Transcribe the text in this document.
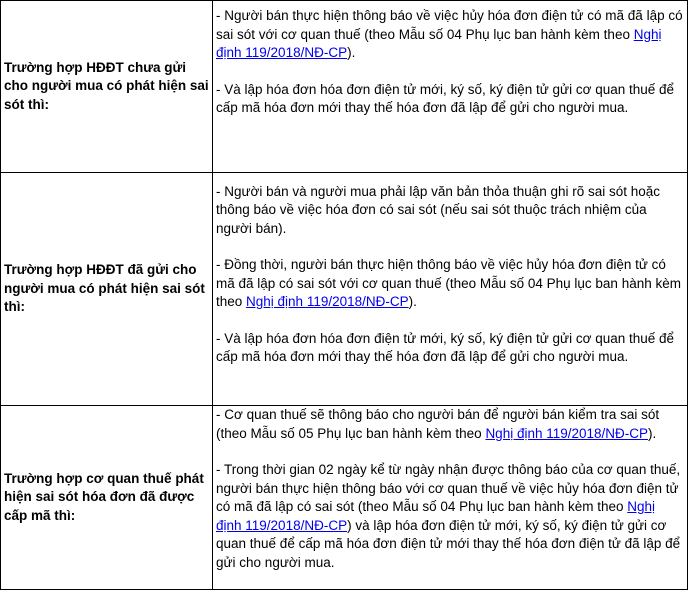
Trường hợp HĐĐT chưa gửi cho người mua có phát hiện sai sót thì:	- Người bán thực hiện thông báo về việc hủy hóa đơn điện tử có mã đã lập có sai sót với cơ quan thuế (theo Mẫu số 04 Phụ lục ban hành kèm theo Nghị định 119/2018/NĐ-CP).

- Và lập hóa đơn hóa đơn điện tử mới, ký số, ký điện tử gửi cơ quan thuế để cấp mã hóa đơn mới thay thế hóa đơn đã lập để gửi cho người mua.

Trường hợp HĐĐT đã gửi cho người mua có phát hiện sai sót thì:	- Người bán và người mua phải lập văn bản thỏa thuận ghi rõ sai sót hoặc thông báo về việc hóa đơn có sai sót (nếu sai sót thuộc trách nhiệm của người bán).

- Đồng thời, người bán thực hiện thông báo về việc hủy hóa đơn điện tử có mã đã lập có sai sót với cơ quan thuế (theo Mẫu số 04 Phụ lục ban hành kèm theo Nghị định 119/2018/NĐ-CP).

- Và lập hóa đơn hóa đơn điện tử mới, ký số, ký điện tử gửi cơ quan thuế để cấp mã hóa đơn mới thay thế hóa đơn đã lập để gửi cho người mua.

Trường hợp cơ quan thuế phát hiện sai sót hóa đơn đã được cấp mã thì:	- Cơ quan thuế sẽ thông báo cho người bán để người bán kiểm tra sai sót (theo Mẫu số 05 Phụ lục ban hành kèm theo Nghị định 119/2018/NĐ-CP).

- Trong thời gian 02 ngày kể từ ngày nhận được thông báo của cơ quan thuế, người bán thực hiện thông báo với cơ quan thuế về việc hủy hóa đơn điện tử có mã đã lập có sai sót (theo Mẫu số 04 Phụ lục ban hành kèm theo Nghị định 119/2018/NĐ-CP) và lập hóa đơn điện tử mới, ký số, ký điện tử gửi cơ quan thuế để cấp mã hóa đơn điện tử mới thay thế hóa đơn điện tử đã lập để gửi cho người mua.
